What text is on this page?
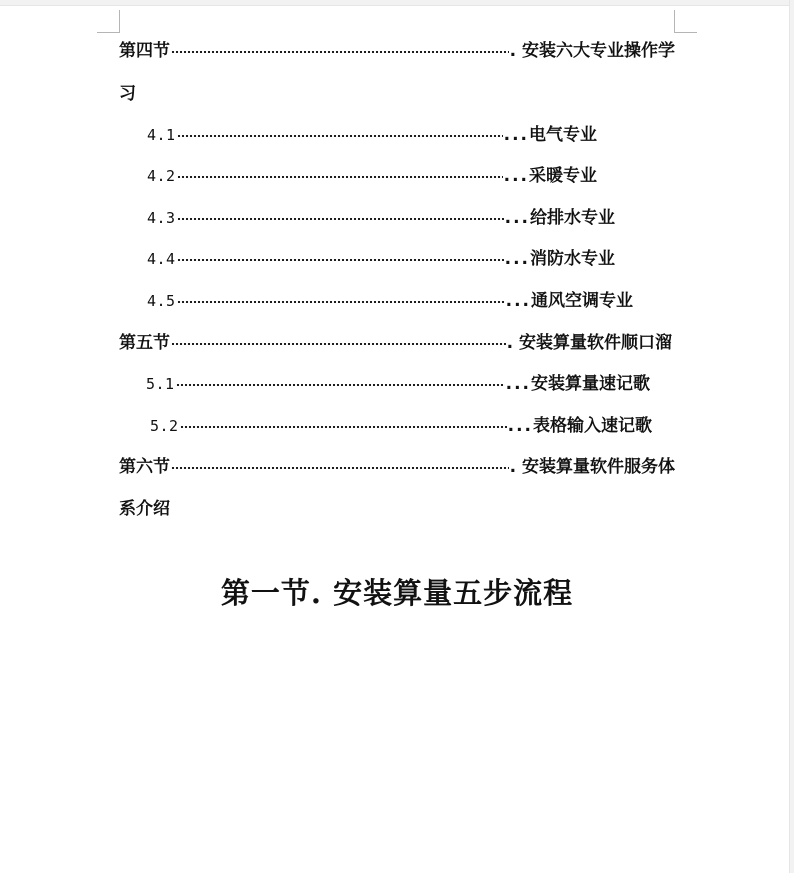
第四节	. 安装六大专业操作学
习
4.1	... 电气专业
4.2	... 采暖专业
4.3	... 给排水专业
4.4	... 消防水专业
4.5	... 通风空调专业
第五节	. 安装算量软件顺口溜
5.1	... 安装算量速记歌
5.2	... 表格输入速记歌
第六节	. 安装算量软件服务体
系介绍
第一节. 安装算量五步流程
